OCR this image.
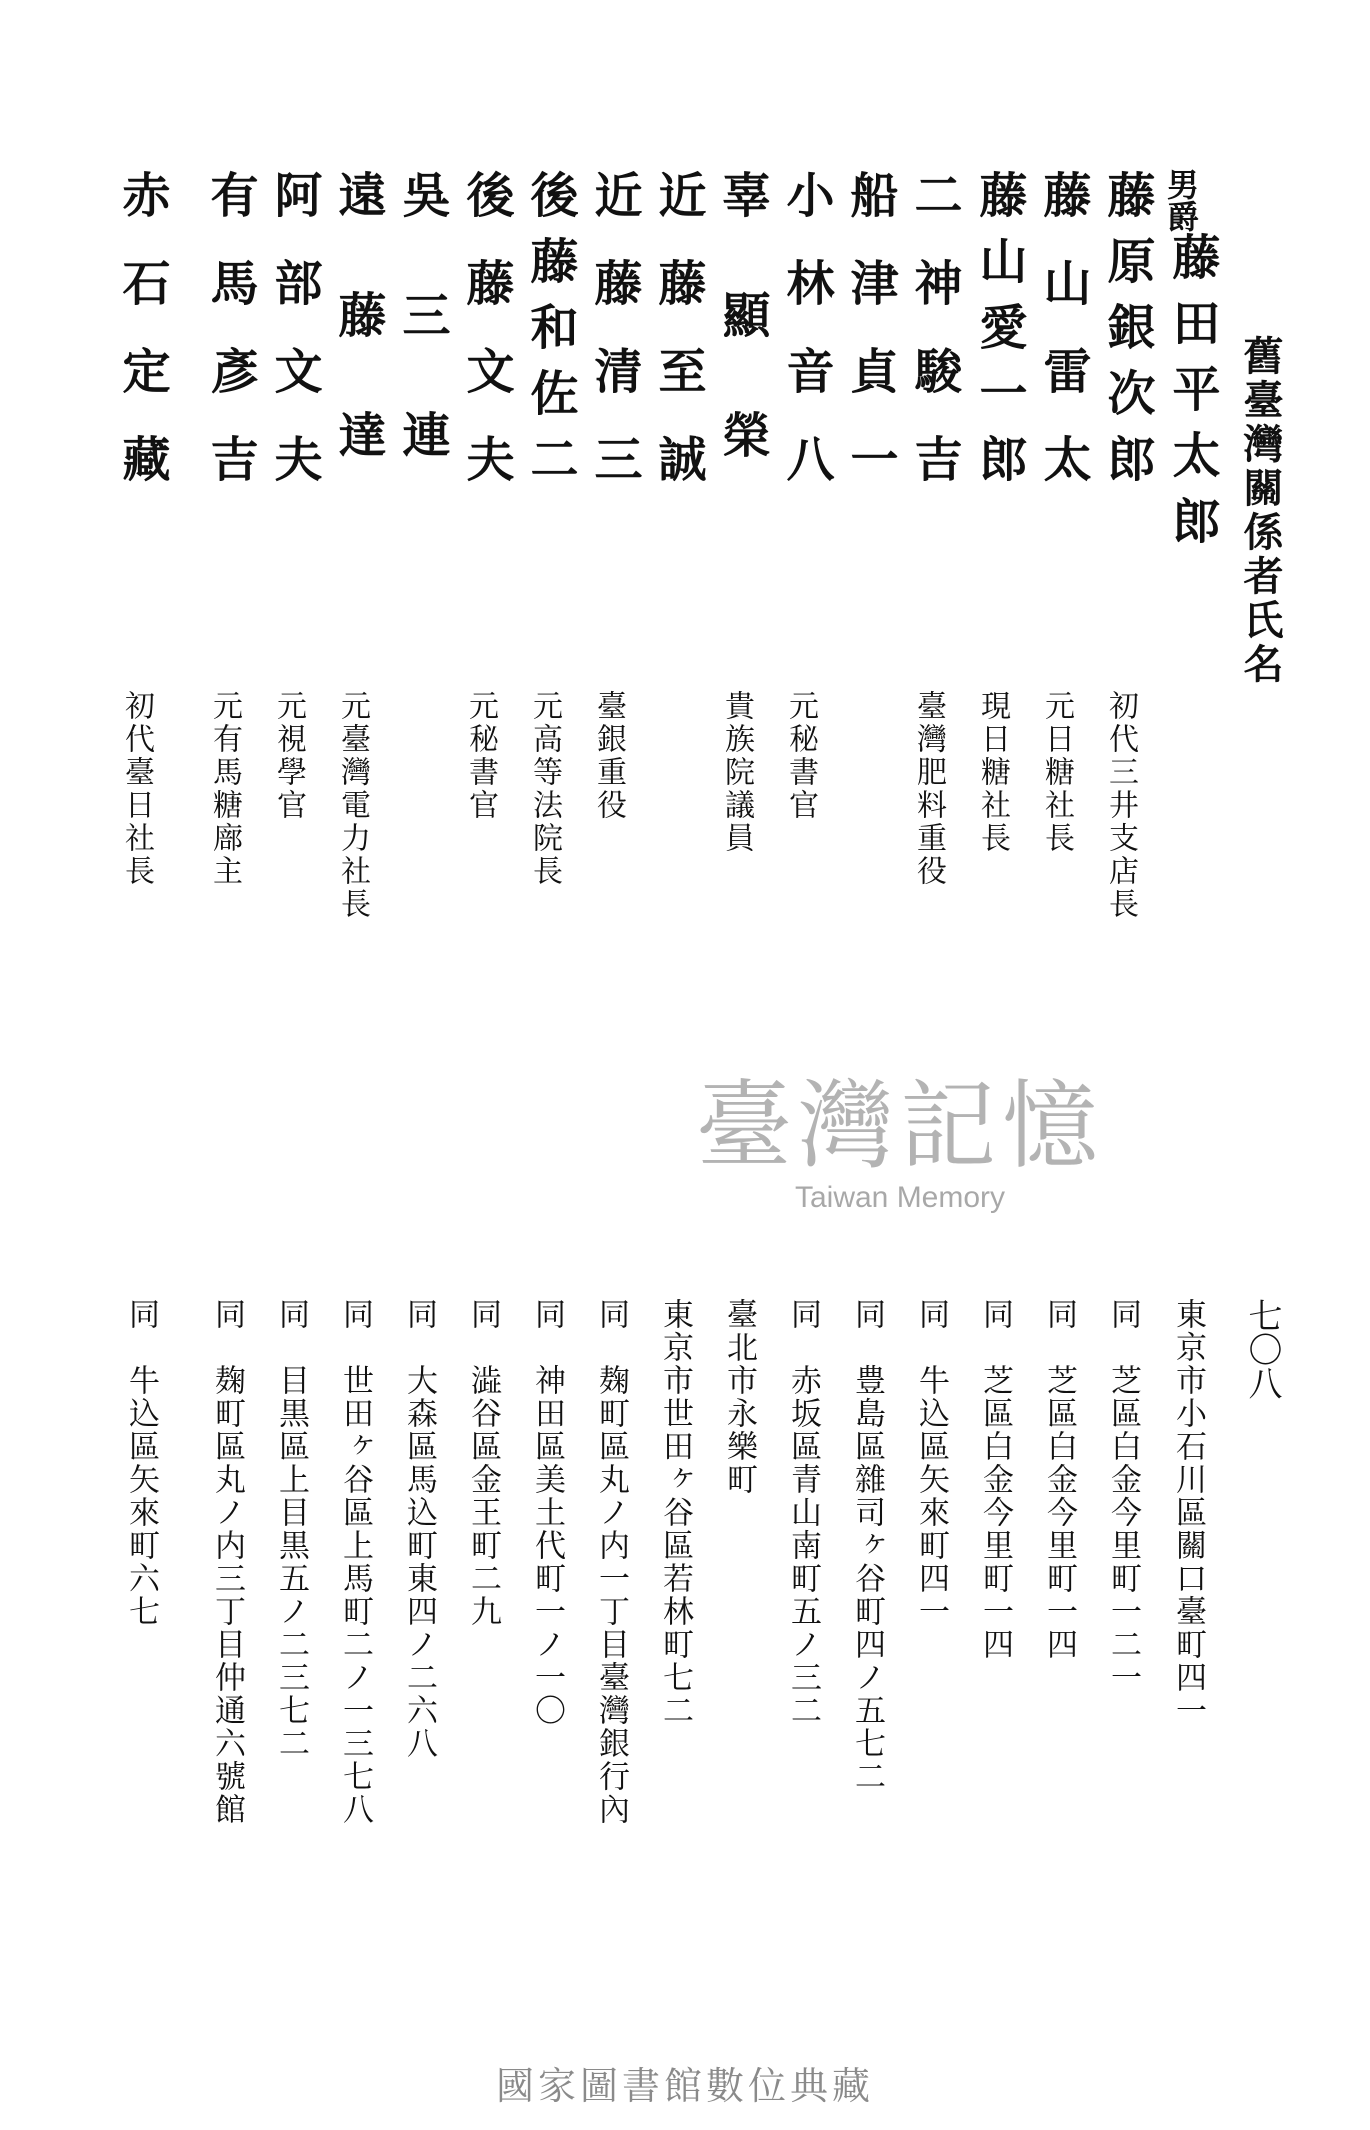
舊臺灣關係者氏名
男爵
藤田平太郎
藤原銀次郎
藤山雷太
藤山愛一郎
二神駿吉
船津貞一
小林音八
辜顯榮
近藤至誠
近藤清三
後藤和佐二
後藤文夫
吳三連
遠藤達
阿部文夫
有馬彥吉
赤石定藏
初代三井支店長
元日糖社長
現日糖社長
臺灣肥料重役
元秘書官
貴族院議員
臺銀重役
元高等法院長
元秘書官
元臺灣電力社長
元視學官
元有馬糖廍主
初代臺日社長
七〇八
東京市小石川區關口臺町四一
同　芝區白金今里町一二一
同　芝區白金今里町一四
同　芝區白金今里町一四
同　牛込區矢來町四一
同　豊島區雜司ヶ谷町四ノ五七二
同　赤坂區青山南町五ノ三二
臺北市永樂町
東京市世田ヶ谷區若林町七二
同　麹町區丸ノ内一丁目臺灣銀行內
同　神田區美土代町一ノ一〇
同　澁谷區金王町二九
同　大森區馬込町東四ノ二六八
同　世田ヶ谷區上馬町二ノ一三七八
同　目黒區上目黒五ノ二三七二
同　麹町區丸ノ内三丁目仲通六號館
同　牛込區矢來町六七
臺灣記憶
Taiwan Memory
國家圖書館數位典藏
